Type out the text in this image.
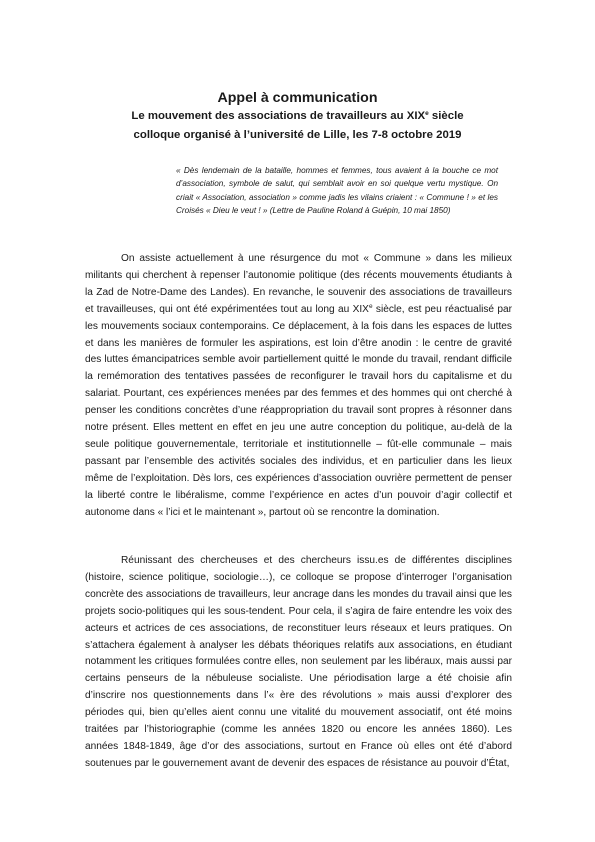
Appel à communication

Le mouvement des associations de travailleurs au XIXe siècle

colloque organisé à l’université de Lille, les 7-8 octobre 2019

« Dès lendemain de la bataille, hommes et femmes, tous avaient à la bouche ce mot d’association, symbole de salut, qui semblait avoir en soi quelque vertu mystique. On criait « Association, association » comme jadis les vilains criaient : « Commune ! » et les Croisés « Dieu le veut ! » (Lettre de Pauline Roland à Guépin, 10 mai 1850)

On assiste actuellement à une résurgence du mot « Commune » dans les milieux militants qui cherchent à repenser l’autonomie politique (des récents mouvements étudiants à la Zad de Notre-Dame des Landes). En revanche, le souvenir des associations de travailleurs et travailleuses, qui ont été expérimentées tout au long au XIXe siècle, est peu réactualisé par les mouvements sociaux contemporains. Ce déplacement, à la fois dans les espaces de luttes et dans les manières de formuler les aspirations, est loin d’être anodin : le centre de gravité des luttes émancipatrices semble avoir partiellement quitté le monde du travail, rendant difficile la remémoration des tentatives passées de reconfigurer le travail hors du capitalisme et du salariat. Pourtant, ces expériences menées par des femmes et des hommes qui ont cherché à penser les conditions concrètes d’une réappropriation du travail sont propres à résonner dans notre présent. Elles mettent en effet en jeu une autre conception du politique, au-delà de la seule politique gouvernementale, territoriale et institutionnelle – fût-elle communale – mais passant par l’ensemble des activités sociales des individus, et en particulier dans les lieux même de l’exploitation. Dès lors, ces expériences d’association ouvrière permettent de penser la liberté contre le libéralisme, comme l’expérience en actes d’un pouvoir d’agir collectif et autonome dans « l’ici et le maintenant », partout où se rencontre la domination.

Réunissant des chercheuses et des chercheurs issu.es de différentes disciplines (histoire, science politique, sociologie…), ce colloque se propose d’interroger l’organisation concrète des associations de travailleurs, leur ancrage dans les mondes du travail ainsi que les projets socio-politiques qui les sous-tendent. Pour cela, il s’agira de faire entendre les voix des acteurs et actrices de ces associations, de reconstituer leurs réseaux et leurs pratiques. On s’attachera également à analyser les débats théoriques relatifs aux associations, en étudiant notamment les critiques formulées contre elles, non seulement par les libéraux, mais aussi par certains penseurs de la nébuleuse socialiste. Une périodisation large a été choisie afin d’inscrire nos questionnements dans l’« ère des révolutions » mais aussi d’explorer des périodes qui, bien qu’elles aient connu une vitalité du mouvement associatif, ont été moins traitées par l’historiographie (comme les années 1820 ou encore les années 1860). Les années 1848-1849, âge d’or des associations, surtout en France où elles ont été d’abord soutenues par le gouvernement avant de devenir des espaces de résistance au pouvoir d’État,
